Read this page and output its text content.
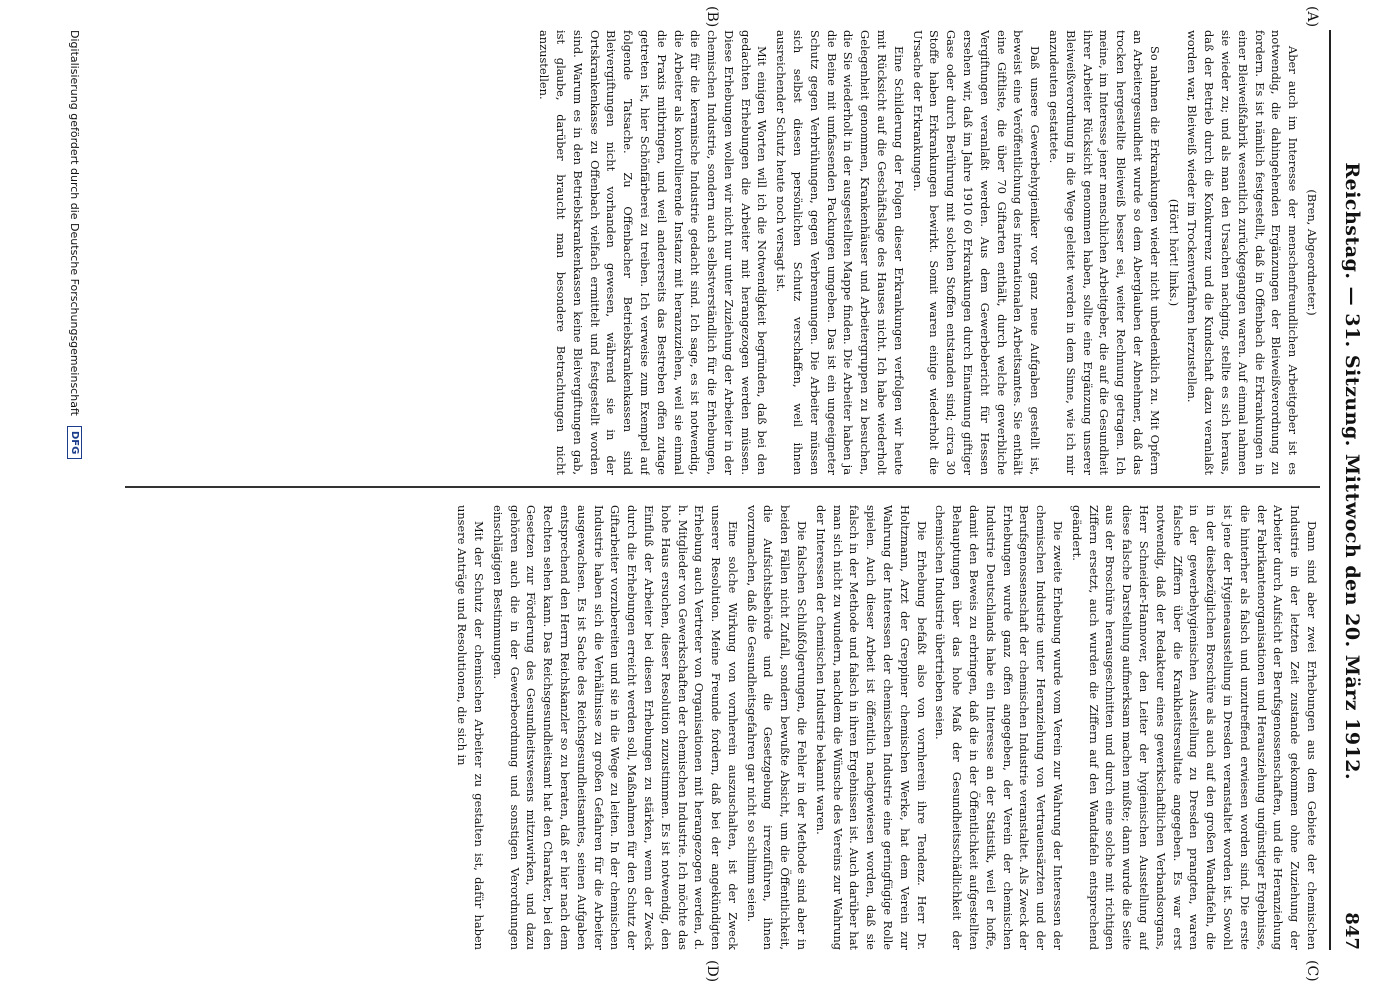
Reichstag. — 31. Sitzung. Mittwoch den 20. März 1912.
847
(A)
(B)
(C)
(D)

(Bren, Abgeordneter.)

Aber auch im Interesse der menschenfreundlichen Arbeitgeber ist es notwendig, die dahingehenden Ergänzungen der Bleiweißverordnung zu fordern. Es ist nämlich festgestellt, daß in Offenbach die Erkrankungen in einer Bleiweißfabrik wesentlich zurückgegangen waren. Auf einmal nahmen sie wieder zu; und als man den Ursachen nachging, stellte es sich heraus, daß der Betrieb durch die Konkurrenz und die Kundschaft dazu veranlaßt worden war, Bleiweiß wieder im Trockenverfahren herzustellen.

(Hört! hört! links.)

So nahmen die Erkrankungen wieder nicht unbedenklich zu. Mit Opfern an Arbeitergesundheit wurde so dem Aberglauben der Abnehmer, daß das trocken hergestellte Bleiweiß besser sei, weiter Rechnung getragen. Ich meine, im Interesse jener menschlichen Arbeitgeber, die auf die Gesundheit ihrer Arbeiter Rücksicht genommen haben, sollte eine Ergänzung unserer Bleiweißverordnung in die Wege geleitet werden in dem Sinne, wie ich mir anzudeuten gestattete.

Daß unsere Gewerbehygieniker vor ganz neue Aufgaben gestellt ist, beweist eine Veröffentlichung des internationalen Arbeitsamtes. Sie enthält eine Giftliste, die über 70 Giftarten enthält, durch welche gewerbliche Vergiftungen veranlaßt werden. Aus dem Gewerbebericht für Hessen ersehen wir, daß im Jahre 1910 60 Erkrankungen durch Einatmung giftiger Gase oder durch Berührung mit solchen Stoffen entstanden sind; circa 30 Stoffe haben Erkrankungen bewirkt. Somit waren einige wiederholt die Ursache der Erkrankungen.

Eine Schilderung der Folgen dieser Erkrankungen verfolgen wir heute mit Rücksicht auf die Geschäftslage des Hauses nicht. Ich habe wiederholt Gelegenheit genommen, Krankenhäuser und Arbeitergruppen zu besuchen, die Sie wiederholt in der ausgestellten Mappe finden. Die Arbeiter haben ja die Beine mit umfassenden Packungen umgeben. Das ist ein ungeeigneter Schutz gegen Verbrühungen, gegen Verbrennungen. Die Arbeiter müssen sich selbst diesen persönlichen Schutz verschaffen, weil ihnen ausreichender Schutz heute noch versagt ist.

Mit einigen Worten will ich die Notwendigkeit begründen, daß bei den gedachten Erhebungen die Arbeiter mit herangezogen werden müssen. Diese Erhebungen wollen wir nicht nur unter Zuziehung der Arbeiter in der chemischen Industrie, sondern auch selbstverständlich für die Erhebungen, die für die keramische Industrie gedacht sind. Ich sage, es ist notwendig, die Arbeiter als kontrollierende Instanz mit heranzuziehen, weil sie einmal die Praxis mitbringen, und weil andererseits das Bestreben offen zutage getreten ist, hier Schönfärberei zu treiben. Ich verweise zum Exempel auf folgende Tatsache. Zu Offenbacher Betriebskrankenkassen sind Bleivergiftungen nicht vorhanden gewesen, während sie in der Ortskrankenkasse zu Offenbach vielfach ermittelt und festgestellt worden sind. Warum es in den Betriebskrankenkassen keine Bleivergiftungen gab, ist glaube, darüber braucht man besondere Betrachtungen nicht anzustellen.

Dann sind aber zwei Erhebungen aus dem Gebiete der chemischen Industrie in der letzten Zeit zustande gekommen ohne Zuziehung der Arbeiter durch Aufsicht der Berufsgenossenschaften, und die Heranziehung der Fabrikantenorganisationen und Herausziehung ungünstiger Ergebnisse, die hinterher als falsch und unzutreffend erwiesen worden sind. Die erste ist jene der Hygieneausstellung in Dresden veranstaltet worden ist. Sowohl in der diesbezüglichen Broschüre als auch auf den großen Wandtafeln, die in der gewerbehygienischen Ausstellung zu Dresden prangten, waren falsche Ziffern über die Krankheitsresultate angegeben. Es war erst notwendig, daß der Redakteur eines gewerkschaftlichen Verbandsorgans, Herr Schneider-Hannover, den Leiter der hygienischen Ausstellung auf diese falsche Darstellung aufmerksam machen mußte; dann wurde die Seite aus der Broschüre herausgeschnitten und durch eine solche mit richtigen Ziffern ersetzt, auch wurden die Ziffern auf den Wandtafeln entsprechend geändert.

Die zweite Erhebung wurde vom Verein zur Wahrung der Interessen der chemischen Industrie unter Heranziehung von Vertrauensärzten und der Berufsgenossenschaft der chemischen Industrie veranstaltet. Als Zweck der Erhebungen wurde ganz offen angegeben, der Verein der chemischen Industrie Deutschlands habe ein Interesse an der Statistik, weil er hoffe, damit den Beweis zu erbringen, daß die in der Öffentlichkeit aufgestellten Behauptungen über das hohe Maß der Gesundheitsschädlichkeit der chemischen Industrie übertrieben seien.

Die Erhebung befaßt also von vornherein ihre Tendenz. Herr Dr. Holtzmann, Arzt der Greppiner chemischen Werke, hat dem Verein zur Wahrung der Interessen der chemischen Industrie eine geringfügige Rolle spielen. Auch dieser Arbeit ist öffentlich nachgewiesen worden, daß sie falsch in der Methode und falsch in ihren Ergebnissen ist. Auch darüber hat man sich nicht zu wundern, nachdem die Wünsche des Vereins zur Wahrung der Interessen der chemischen Industrie bekannt waren.

Die falschen Schlußfolgerungen, die Fehler in der Methode sind aber in beiden Fällen nicht Zufall, sondern bewußte Absicht, um die Öffentlichkeit, die Aufsichtsbehörde und die Gesetzgebung irrezuführen, ihnen vorzumachen, daß die Gesundheitsgefahren gar nicht so schlimm seien.

Eine solche Wirkung von vornherein auszuschalten, ist der Zweck unserer Resolution. Meine Freunde fordern, daß bei der angekündigten Erhebung auch Vertreter von Organisationen mit herangezogen werden, d. h. Mitglieder von Gewerkschaften der chemischen Industrie. Ich möchte das hohe Haus ersuchen, dieser Resolution zuzustimmen. Es ist notwendig, den Einfluß der Arbeiter bei diesen Erhebungen zu stärken, wenn der Zweck durch die Erhebungen erreicht werden soll, Maßnahmen für den Schutz der Giftarbeiter vorzubereiten und sie in die Wege zu leiten. In der chemischen Industrie haben sich die Verhältnisse zu großen Gefahren für die Arbeiter ausgewachsen. Es ist Sache des Reichsgesundheitsamtes, seinen Aufgaben entsprechend den Herrn Reichskanzler so zu beraten, daß er hier nach dem Rechten sehen kann. Das Reichsgesundheitsamt hat den Charakter, bei den Gesetzen zur Förderung des Gesundheitswesens mitzuwirken, und dazu gehören auch die in der Gewerbeordnung und sonstigen Verordnungen einschlägigen Bestimmungen.

Mit der Schutz der chemischen Arbeiter zu gestalten ist, dafür haben unsere Anträge und Resolutionen, die sich in

Digitalisierung gefördert durch die Deutsche Forschungsgemeinschaft
DFG
